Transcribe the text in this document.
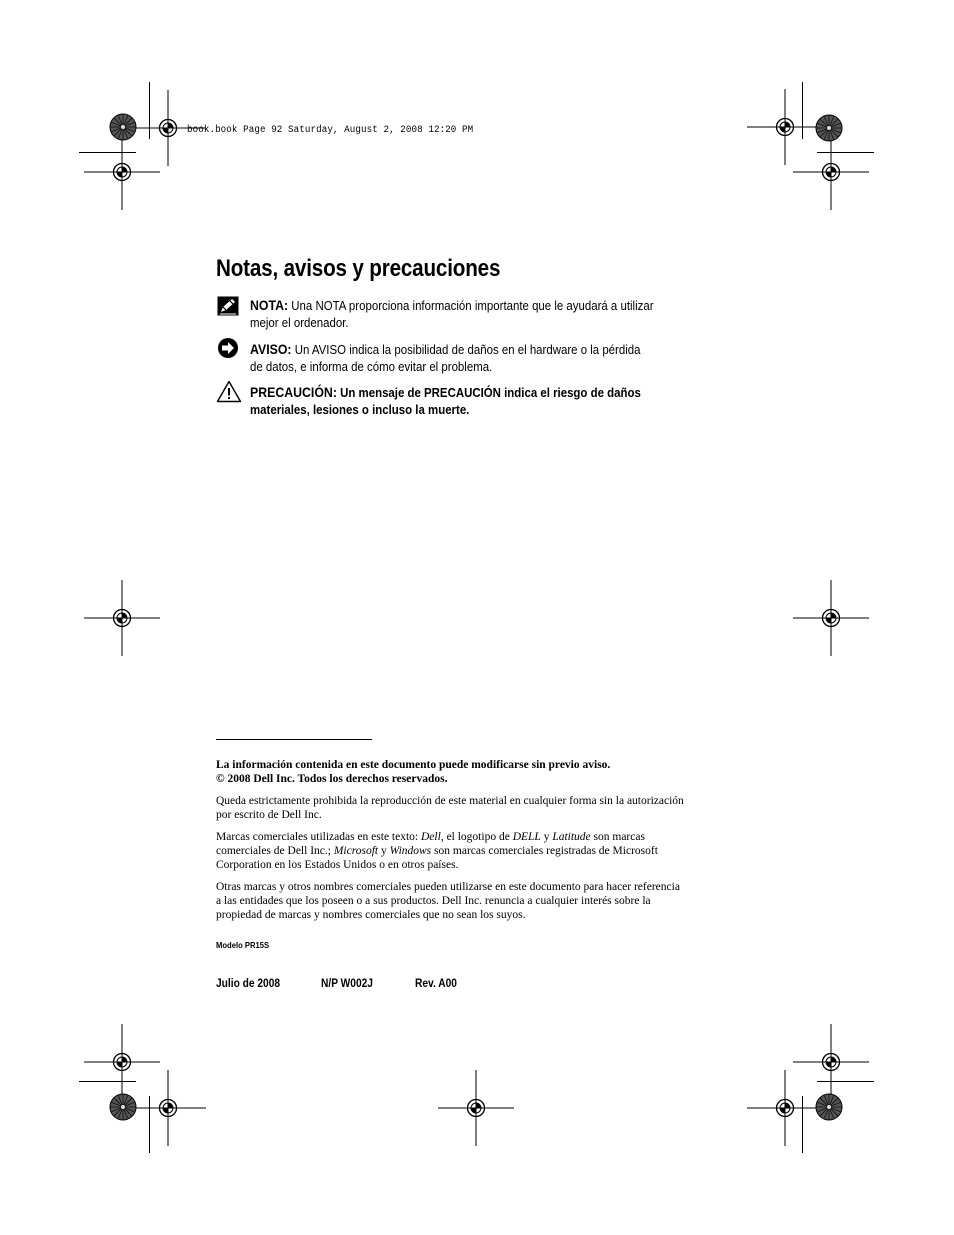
book.book Page 92 Saturday, August 2, 2008 12:20 PM
Notas, avisos y precauciones
NOTA: Una NOTA proporciona información importante que le ayudará a utilizar
mejor el ordenador.
AVISO: Un AVISO indica la posibilidad de daños en el hardware o la pérdida
de datos, e informa de cómo evitar el problema.
PRECAUCIÓN: Un mensaje de PRECAUCIÓN indica el riesgo de daños
materiales, lesiones o incluso la muerte.
La información contenida en este documento puede modificarse sin previo aviso.
© 2008 Dell Inc. Todos los derechos reservados.
Queda estrictamente prohibida la reproducción de este material en cualquier forma sin la autorización
por escrito de Dell Inc.
Marcas comerciales utilizadas en este texto: Dell, el logotipo de DELL y Latitude son marcas
comerciales de Dell Inc.; Microsoft y Windows son marcas comerciales registradas de Microsoft
Corporation en los Estados Unidos o en otros países.
Otras marcas y otros nombres comerciales pueden utilizarse en este documento para hacer referencia
a las entidades que los poseen o a sus productos. Dell Inc. renuncia a cualquier interés sobre la
propiedad de marcas y nombres comerciales que no sean los suyos.
Modelo PR15S
Julio de 2008	N/P W002J	Rev. A00
